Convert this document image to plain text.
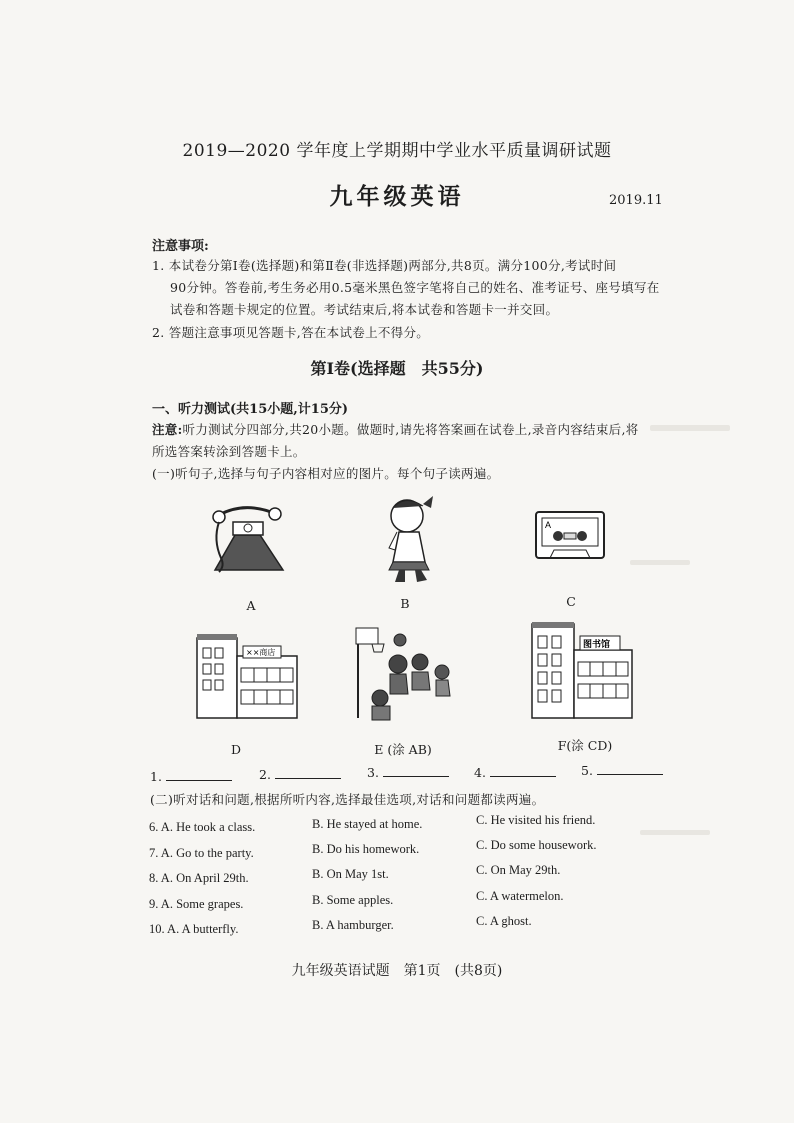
2019—2020 学年度上学期期中学业水平质量调研试题
九年级英语	2019.11
注意事项:
1. 本试卷分第Ⅰ卷(选择题)和第Ⅱ卷(非选择题)两部分,共8页。满分100分,考试时间
90分钟。答卷前,考生务必用0.5毫米黑色签字笔将自己的姓名、准考证号、座号填写在
试卷和答题卡规定的位置。考试结束后,将本试卷和答题卡一并交回。
2. 答题注意事项见答题卡,答在本试卷上不得分。
第Ⅰ卷(选择题　共55分)
一、听力测试(共15小题,计15分)
注意:听力测试分四部分,共20小题。做题时,请先将答案画在试卷上,录音内容结束后,将
所选答案转涂到答题卡上。
(一)听句子,选择与句子内容相对应的图片。每个句子读两遍。
A	B
A
C
××商店
D	E (涂 AB)
图书馆
F(涂 CD)
1.	2.	3.	4.	5.
(二)听对话和问题,根据所听内容,选择最佳选项,对话和问题都读两遍。
6. A. He took a class.	B. He stayed at home.	C. He visited his friend.
7. A. Go to the party.	B. Do his homework.	C. Do some housework.
8. A. On April 29th.	B. On May 1st.	C. On May 29th.
9. A. Some grapes.	B. Some apples.	C. A watermelon.
10. A. A butterfly.	B. A hamburger.	C. A ghost.
九年级英语试题　第1页　(共8页)
